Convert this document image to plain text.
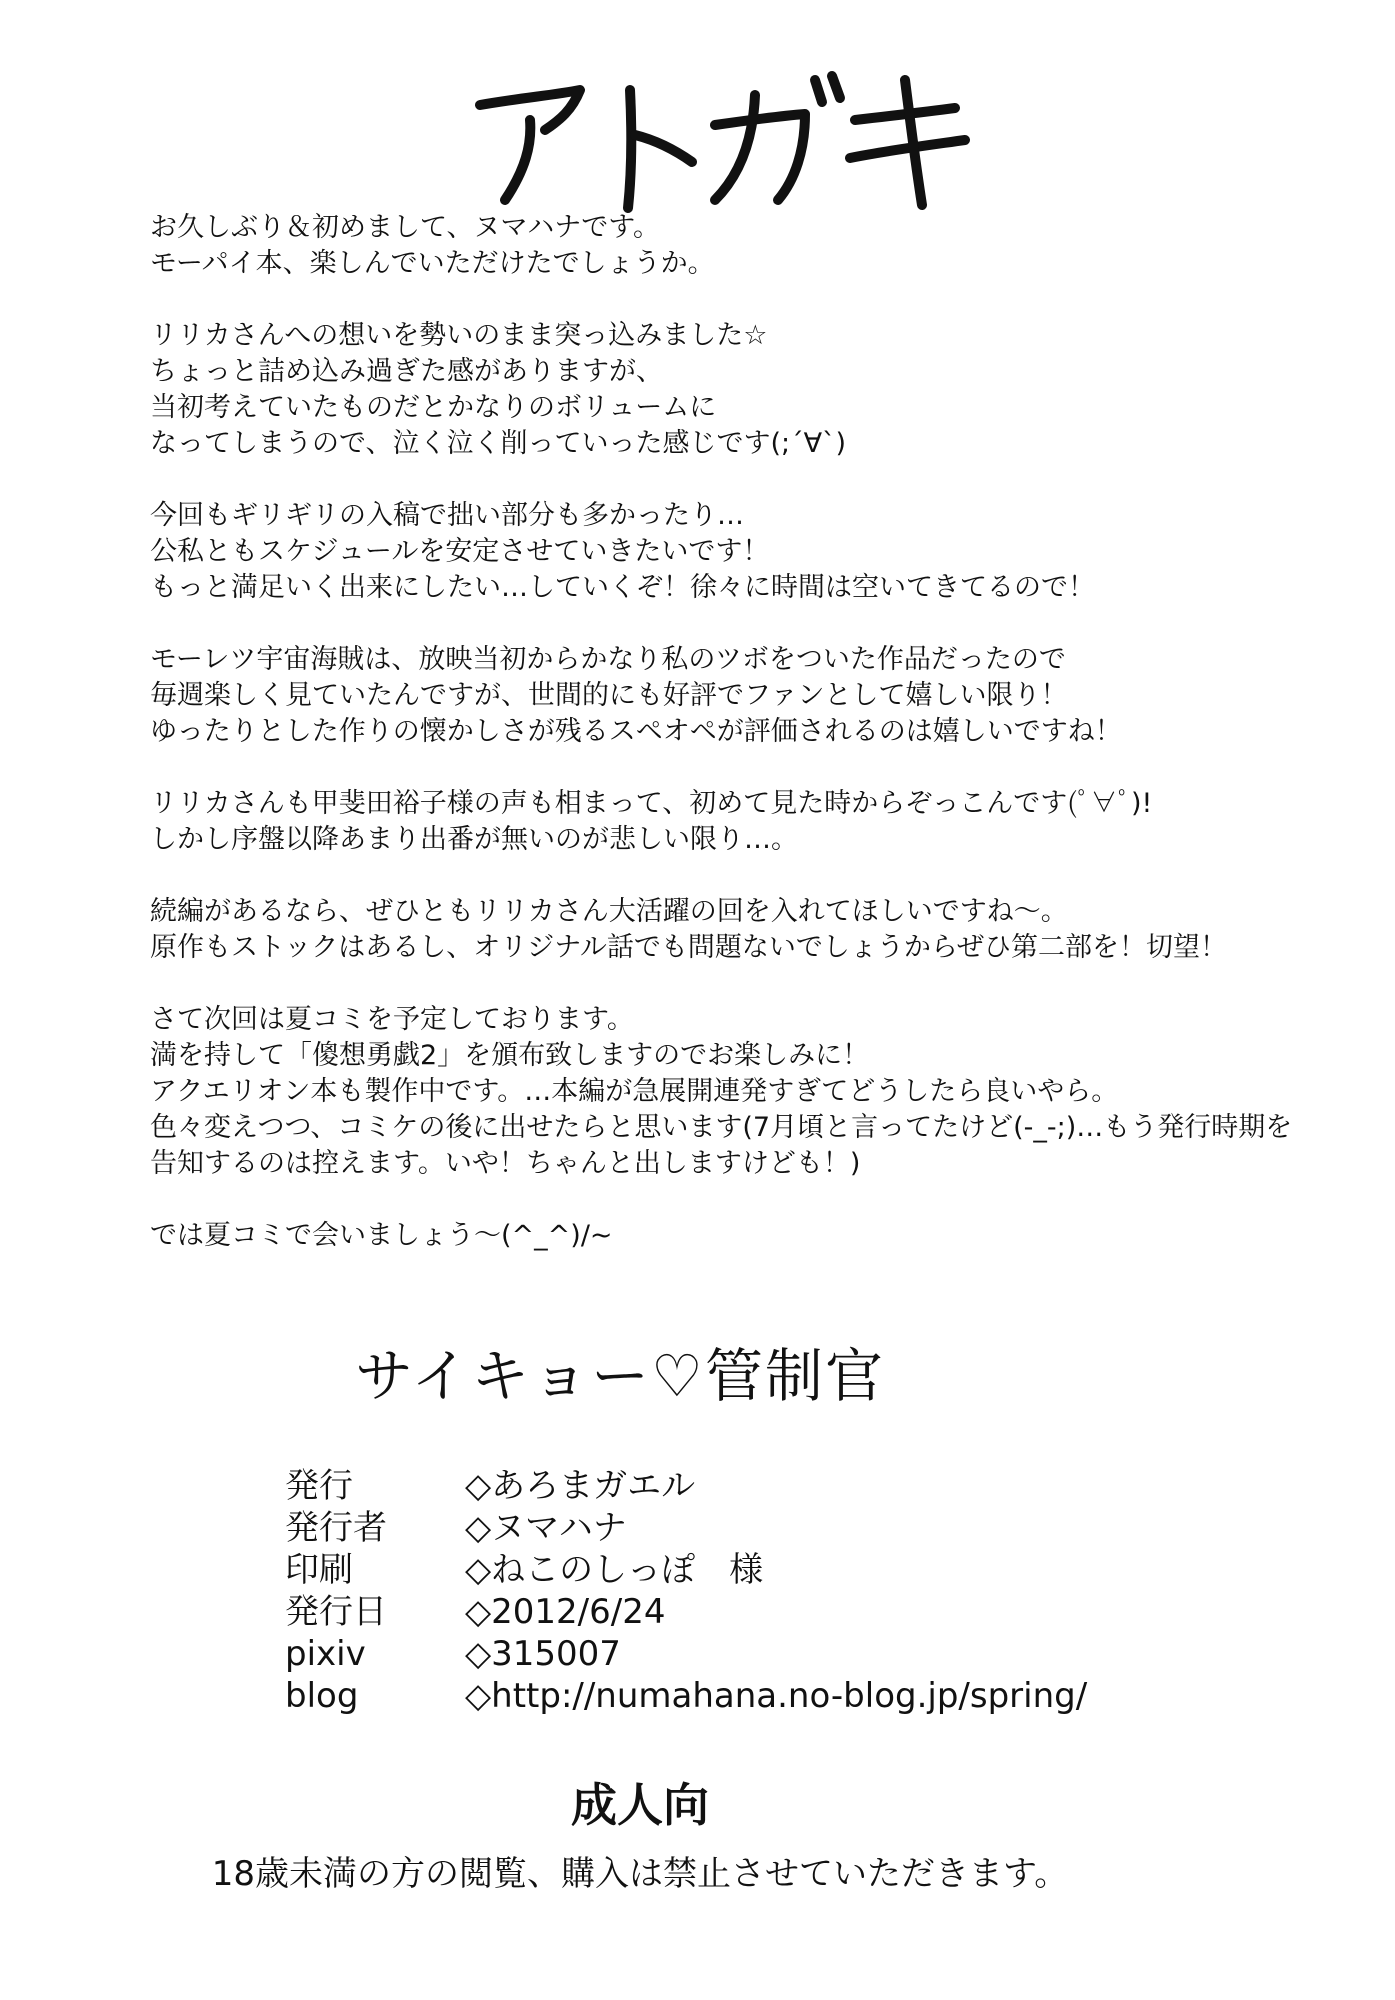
お久しぶり＆初めまして、ヌマハナです。
モーパイ本、楽しんでいただけたでしょうか。

リリカさんへの想いを勢いのまま突っ込みました☆
ちょっと詰め込み過ぎた感がありますが、
当初考えていたものだとかなりのボリュームに
なってしまうので、泣く泣く削っていった感じです(;´∀`)

今回もギリギリの入稿で拙い部分も多かったり…
公私ともスケジュールを安定させていきたいです！
もっと満足いく出来にしたい…していくぞ！徐々に時間は空いてきてるので！

モーレツ宇宙海賊は、放映当初からかなり私のツボをついた作品だったので
毎週楽しく見ていたんですが、世間的にも好評でファンとして嬉しい限り！
ゆったりとした作りの懐かしさが残るスペオペが評価されるのは嬉しいですね！

リリカさんも甲斐田裕子様の声も相まって、初めて見た時からぞっこんです(ﾟ∀ﾟ)!
しかし序盤以降あまり出番が無いのが悲しい限り…。

続編があるなら、ぜひともリリカさん大活躍の回を入れてほしいですね～。
原作もストックはあるし、オリジナル話でも問題ないでしょうからぜひ第二部を！切望！

さて次回は夏コミを予定しております。
満を持して「傻想勇戯2」を頒布致しますのでお楽しみに！
アクエリオン本も製作中です。…本編が急展開連発すぎてどうしたら良いやら。
色々変えつつ、コミケの後に出せたらと思います(7月頃と言ってたけど(-_-;)…もう発行時期を
告知するのは控えます。いや！ちゃんと出しますけども！)

では夏コミで会いましょう～(^_^)/~

サイキョー♡管制官
発行	◇あろまガエル
発行者	◇ヌマハナ
印刷	◇ねこのしっぽ　様
発行日	◇2012/6/24
pixiv	◇315007
blog	◇http://numahana.no-blog.jp/spring/
成人向
18歳未満の方の閲覧、購入は禁止させていただきます。
